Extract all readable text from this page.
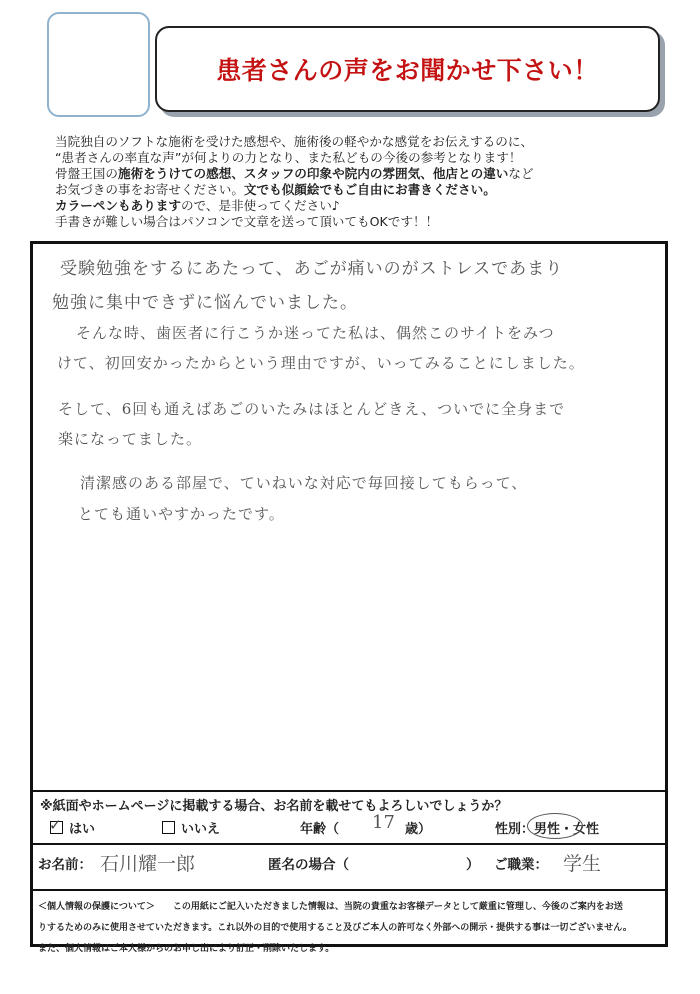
患者さんの声をお聞かせ下さい！
当院独自のソフトな施術を受けた感想や、施術後の軽やかな感覚をお伝えするのに、
“患者さんの率直な声”が何よりの力となり、また私どもの今後の参考となります！
骨盤王国の施術をうけての感想、スタッフの印象や院内の雰囲気、他店との違いなど
お気づきの事をお寄せください。文でも似顔絵でもご自由にお書きください。
カラーペンもありますので、是非使ってください♪
手書きが難しい場合はパソコンで文章を送って頂いてもOKです！！
受験勉強をするにあたって、あごが痛いのがストレスであまり
勉強に集中できずに悩んでいました。
そんな時、歯医者に行こうか迷ってた私は、偶然このサイトをみつ
けて、初回安かったからという理由ですが、いってみることにしました。
そして、6回も通えばあごのいたみはほとんどきえ、ついでに全身まで
楽になってました。
清潔感のある部屋で、ていねいな対応で毎回接してもらって、
とても通いやすかったです。
※紙面やホームページに掲載する場合、お名前を載せてもよろしいでしょうか？
✓ はい	いいえ	年齢（ 17 歳）	性別：男性・女性
お名前： 石川耀一郎	匿名の場合（	） ご職業： 学生
＜個人情報の保護について＞　　この用紙にご記入いただきました情報は、当院の貴重なお客様データとして厳重に管理し、今後のご案内をお送
りするためのみに使用させていただきます。これ以外の目的で使用すること及びご本人の許可なく外部への開示・提供する事は一切ございません。
また、個人情報はご本人様からのお申し出により訂正・削除いたします。
